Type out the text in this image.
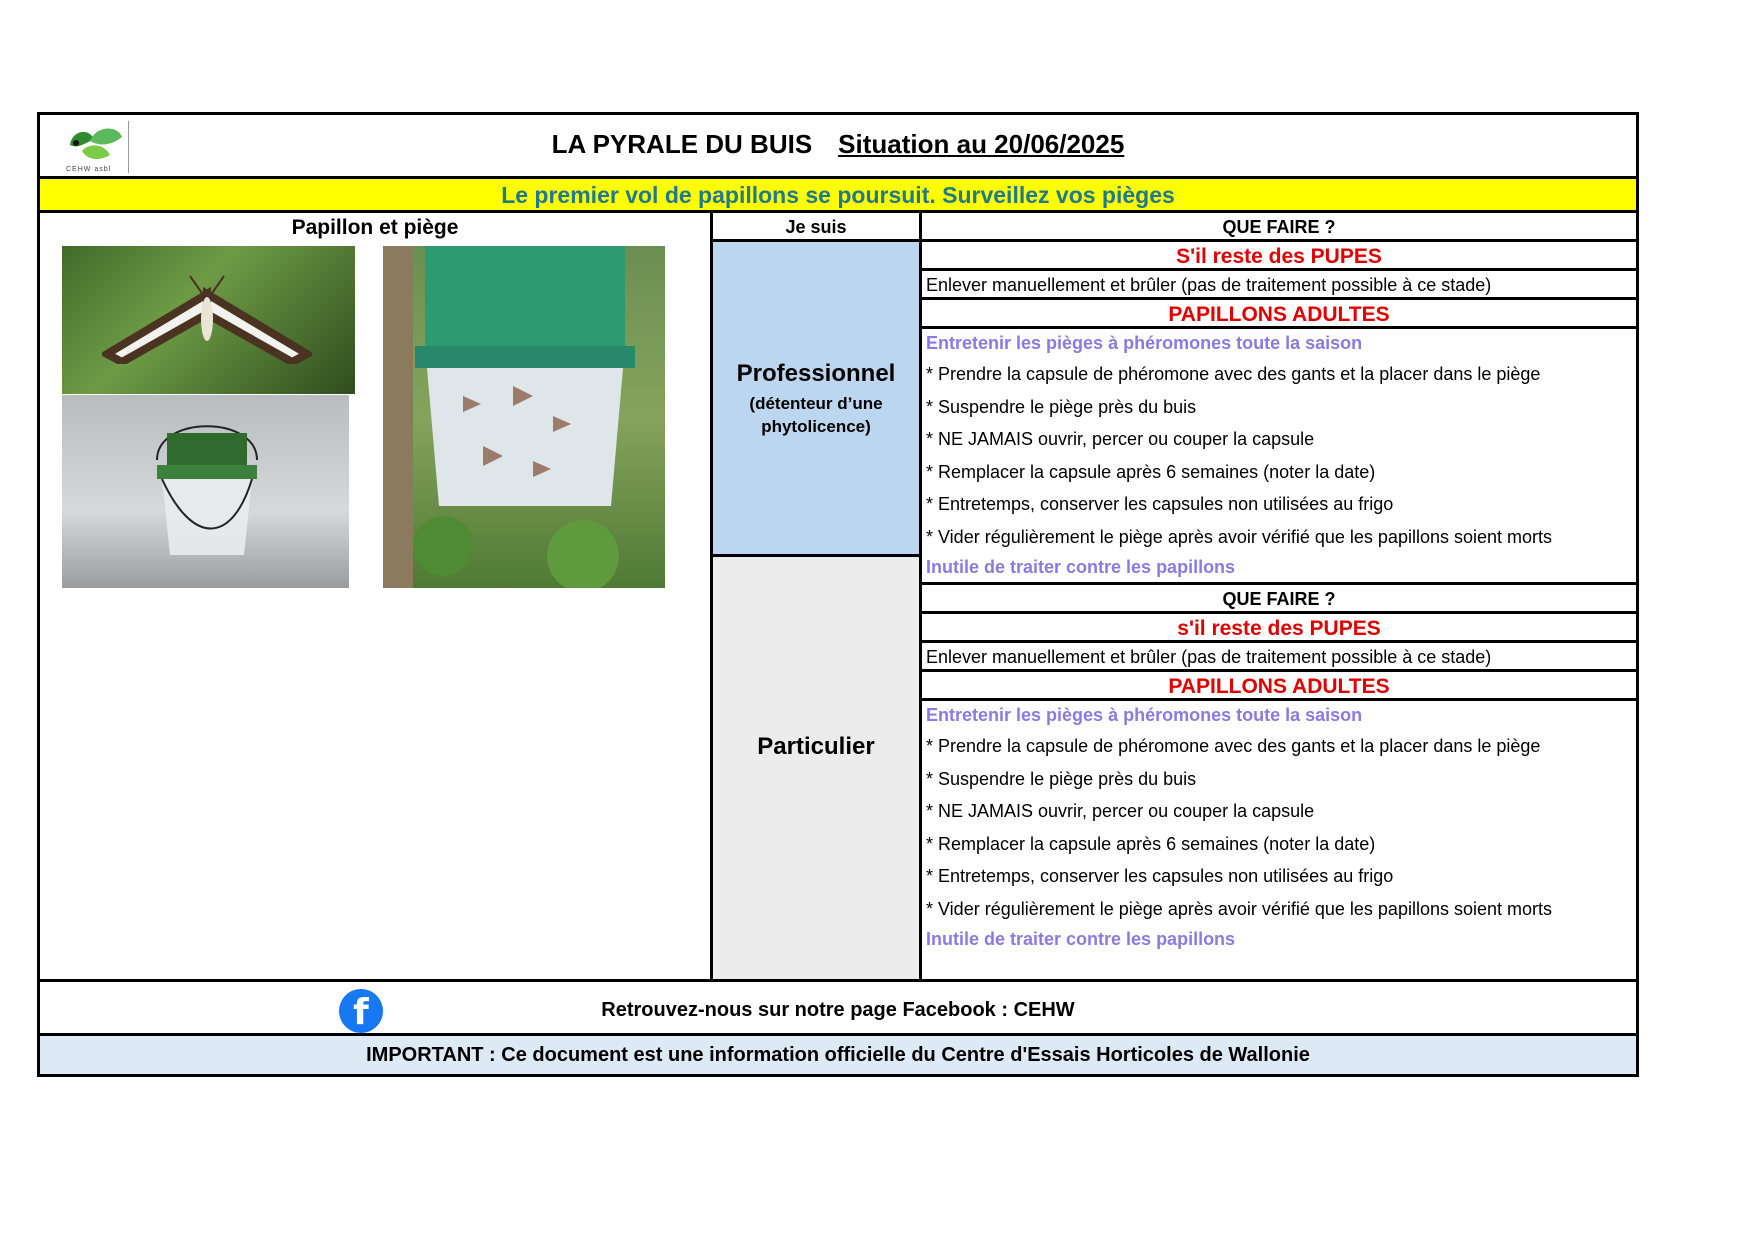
CEHW asbl
LA PYRALE DU BUIS Situation au 20/06/2025
Le premier vol de papillons se poursuit. Surveillez vos pièges
Papillon et piège	Je suis
Professionnel
(détenteur d’une
phytolicence)
Particulier
QUE FAIRE ?
S'il reste des PUPES
Enlever manuellement et brûler (pas de traitement possible à ce stade)
PAPILLONS ADULTES
Entretenir les pièges à phéromones toute la saison
* Prendre la capsule de phéromone avec des gants et la placer dans le piège
* Suspendre le piège près du buis
* NE JAMAIS ouvrir, percer ou couper la capsule
* Remplacer la capsule après 6 semaines (noter la date)
* Entretemps, conserver les capsules non utilisées au frigo
* Vider régulièrement le piège après avoir vérifié que les papillons soient morts
Inutile de traiter contre les papillons
QUE FAIRE ?
s'il reste des PUPES
Enlever manuellement et brûler (pas de traitement possible à ce stade)
PAPILLONS ADULTES
Entretenir les pièges à phéromones toute la saison
* Prendre la capsule de phéromone avec des gants et la placer dans le piège
* Suspendre le piège près du buis
* NE JAMAIS ouvrir, percer ou couper la capsule
* Remplacer la capsule après 6 semaines (noter la date)
* Entretemps, conserver les capsules non utilisées au frigo
* Vider régulièrement le piège après avoir vérifié que les papillons soient morts
Inutile de traiter contre les papillons
f	Retrouvez-nous sur notre page Facebook : CEHW
IMPORTANT : Ce document est une information officielle du Centre d'Essais Horticoles de Wallonie
